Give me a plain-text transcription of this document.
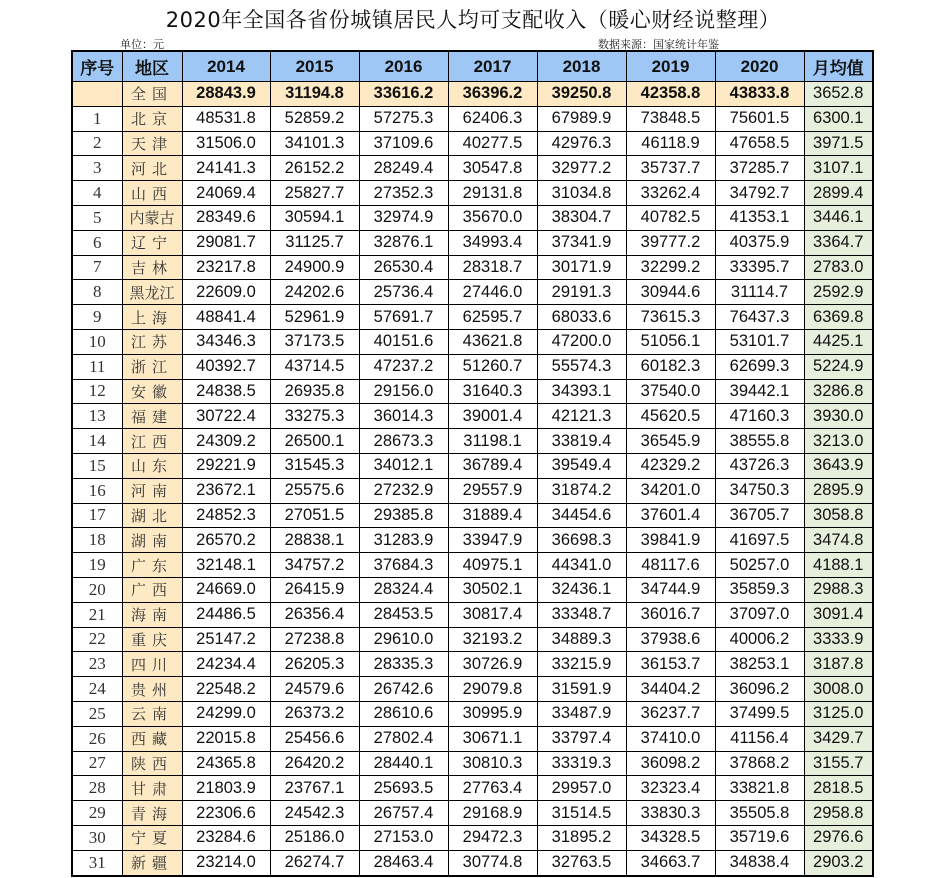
2020年全国各省份城镇居民人均可支配收入（暖心财经说整理）
单位：元	数据来源：国家统计年鉴
序号	地区	2014	2015	2016	2017	2018	2019	2020	月均值
	全国	28843.9	31194.8	33616.2	36396.2	39250.8	42358.8	43833.8	3652.8
1	北京	48531.8	52859.2	57275.3	62406.3	67989.9	73848.5	75601.5	6300.1
2	天津	31506.0	34101.3	37109.6	40277.5	42976.3	46118.9	47658.5	3971.5
3	河北	24141.3	26152.2	28249.4	30547.8	32977.2	35737.7	37285.7	3107.1
4	山西	24069.4	25827.7	27352.3	29131.8	31034.8	33262.4	34792.7	2899.4
5	内蒙古	28349.6	30594.1	32974.9	35670.0	38304.7	40782.5	41353.1	3446.1
6	辽宁	29081.7	31125.7	32876.1	34993.4	37341.9	39777.2	40375.9	3364.7
7	吉林	23217.8	24900.9	26530.4	28318.7	30171.9	32299.2	33395.7	2783.0
8	黑龙江	22609.0	24202.6	25736.4	27446.0	29191.3	30944.6	31114.7	2592.9
9	上海	48841.4	52961.9	57691.7	62595.7	68033.6	73615.3	76437.3	6369.8
10	江苏	34346.3	37173.5	40151.6	43621.8	47200.0	51056.1	53101.7	4425.1
11	浙江	40392.7	43714.5	47237.2	51260.7	55574.3	60182.3	62699.3	5224.9
12	安徽	24838.5	26935.8	29156.0	31640.3	34393.1	37540.0	39442.1	3286.8
13	福建	30722.4	33275.3	36014.3	39001.4	42121.3	45620.5	47160.3	3930.0
14	江西	24309.2	26500.1	28673.3	31198.1	33819.4	36545.9	38555.8	3213.0
15	山东	29221.9	31545.3	34012.1	36789.4	39549.4	42329.2	43726.3	3643.9
16	河南	23672.1	25575.6	27232.9	29557.9	31874.2	34201.0	34750.3	2895.9
17	湖北	24852.3	27051.5	29385.8	31889.4	34454.6	37601.4	36705.7	3058.8
18	湖南	26570.2	28838.1	31283.9	33947.9	36698.3	39841.9	41697.5	3474.8
19	广东	32148.1	34757.2	37684.3	40975.1	44341.0	48117.6	50257.0	4188.1
20	广西	24669.0	26415.9	28324.4	30502.1	32436.1	34744.9	35859.3	2988.3
21	海南	24486.5	26356.4	28453.5	30817.4	33348.7	36016.7	37097.0	3091.4
22	重庆	25147.2	27238.8	29610.0	32193.2	34889.3	37938.6	40006.2	3333.9
23	四川	24234.4	26205.3	28335.3	30726.9	33215.9	36153.7	38253.1	3187.8
24	贵州	22548.2	24579.6	26742.6	29079.8	31591.9	34404.2	36096.2	3008.0
25	云南	24299.0	26373.2	28610.6	30995.9	33487.9	36237.7	37499.5	3125.0
26	西藏	22015.8	25456.6	27802.4	30671.1	33797.4	37410.0	41156.4	3429.7
27	陕西	24365.8	26420.2	28440.1	30810.3	33319.3	36098.2	37868.2	3155.7
28	甘肃	21803.9	23767.1	25693.5	27763.4	29957.0	32323.4	33821.8	2818.5
29	青海	22306.6	24542.3	26757.4	29168.9	31514.5	33830.3	35505.8	2958.8
30	宁夏	23284.6	25186.0	27153.0	29472.3	31895.2	34328.5	35719.6	2976.6
31	新疆	23214.0	26274.7	28463.4	30774.8	32763.5	34663.7	34838.4	2903.2
